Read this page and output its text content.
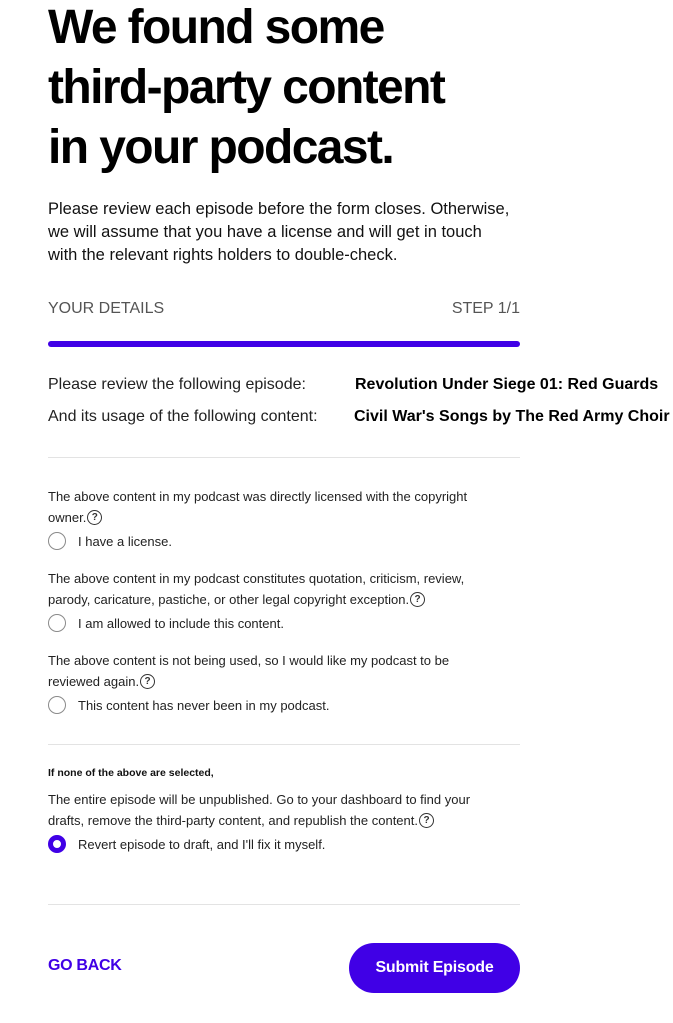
We found some
third-party content
in your podcast.

Please review each episode before the form closes. Otherwise,
we will assume that you have a license and will get in touch
with the relevant rights holders to double-check.

YOUR DETAILS	STEP 1/1
Please review the following episode:	Revolution Under Siege 01: Red Guards
And its usage of the following content: Civil War's Songs by The Red Army Choir
The above content in my podcast was directly licensed with the copyright
owner. ?
I have a license.
The above content in my podcast constitutes quotation, criticism, review,
parody, caricature, pastiche, or other legal copyright exception. ?
I am allowed to include this content.
The above content is not being used, so I would like my podcast to be
reviewed again. ?
This content has never been in my podcast.
If none of the above are selected,
The entire episode will be unpublished. Go to your dashboard to find your
drafts, remove the third-party content, and republish the content. ?
Revert episode to draft, and I'll fix it myself.
GO BACK	Submit Episode
